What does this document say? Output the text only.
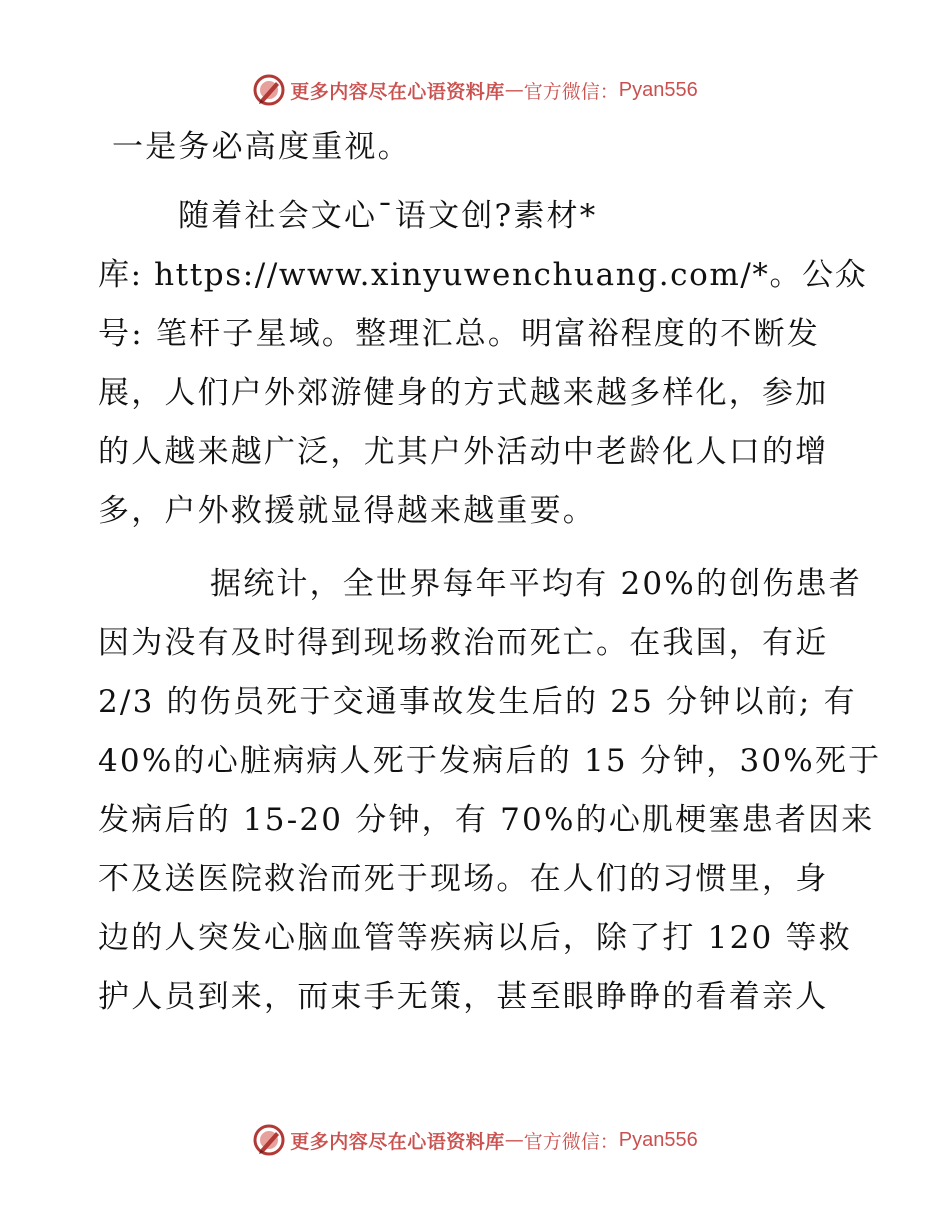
更多内容尽在心语资料库 — 官方微信： Pyan556
一是务必高度重视。
随着社会文心¯语文创?素材*
库: https://www.xinyuwenchuang.com/*。公众
号: 笔杆子星域。整理汇总。明富裕程度的不断发
展，人们户外郊游健身的方式越来越多样化，参加
的人越来越广泛，尤其户外活动中老龄化人口的增
多，户外救援就显得越来越重要。
据统计，全世界每年平均有 20%的创伤患者
因为没有及时得到现场救治而死亡。在我国，有近
2/3 的伤员死于交通事故发生后的 25 分钟以前; 有
40%的心脏病病人死于发病后的 15 分钟，30%死于
发病后的 15-20 分钟，有 70%的心肌梗塞患者因来
不及送医院救治而死于现场。在人们的习惯里，身
边的人突发心脑血管等疾病以后，除了打 120 等救
护人员到来，而束手无策，甚至眼睁睁的看着亲人
更多内容尽在心语资料库 — 官方微信： Pyan556
